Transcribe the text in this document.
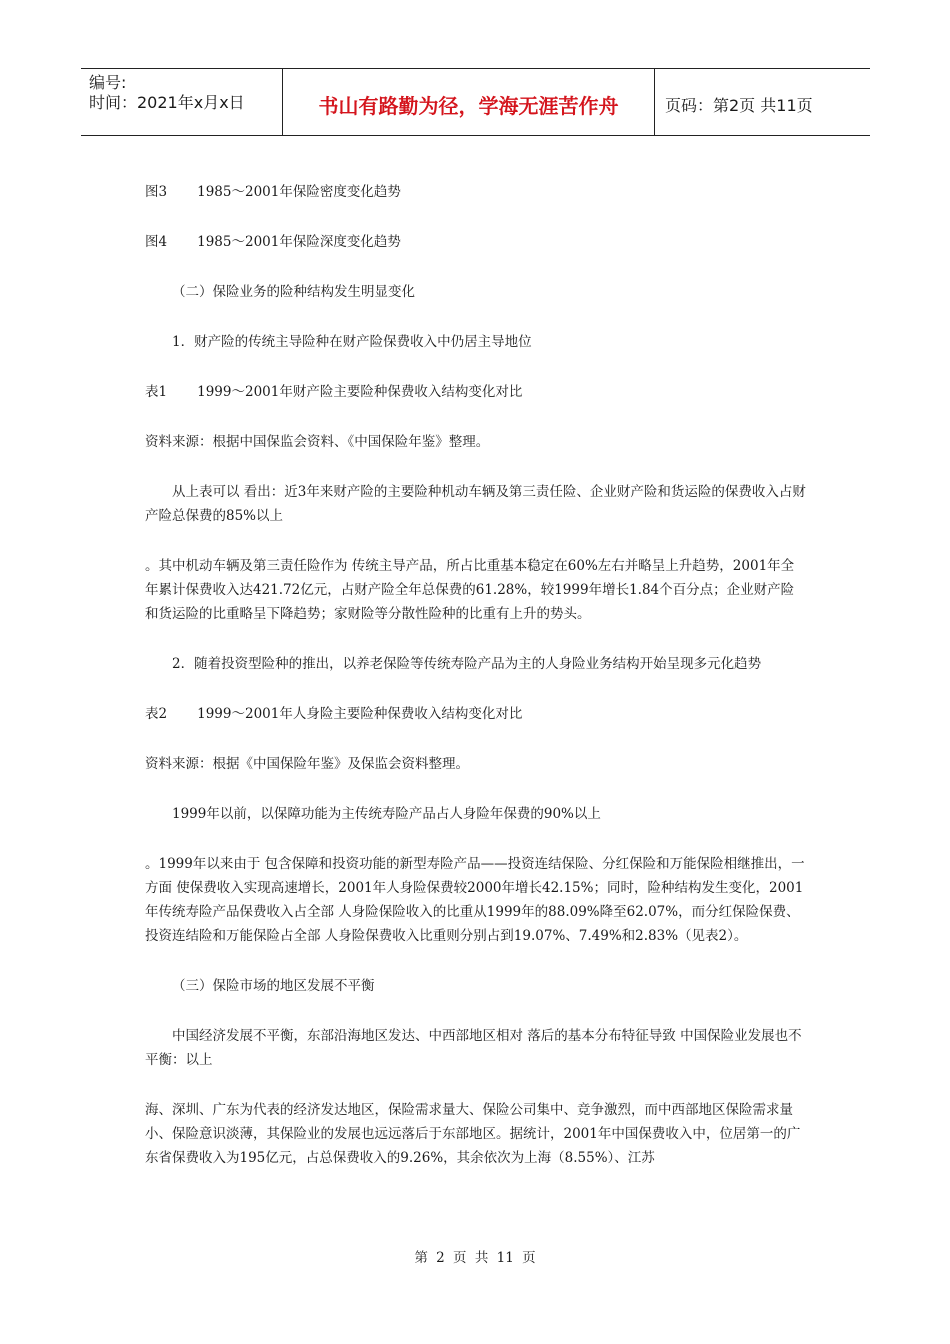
编号:
时间：2021年x月x日	书山有路勤为径，学海无涯苦作舟	页码：第2页 共11页

图3       1985～2001年保险密度变化趋势

图4       1985～2001年保险深度变化趋势

（二）保险业务的险种结构发生明显变化

1．财产险的传统主导险种在财产险保费收入中仍居主导地位

表1       1999～2001年财产险主要险种保费收入结构变化对比

资料来源：根据中国保监会资料、《中国保险年鉴》整理。

从上表可以 看出：近3年来财产险的主要险种机动车辆及第三责任险、企业财产险和货运险的保费收入占财产险总保费的85%以上

。其中机动车辆及第三责任险作为 传统主导产品，所占比重基本稳定在60%左右并略呈上升趋势，2001年全年累计保费收入达421.72亿元，占财产险全年总保费的61.28%，较1999年增长1.84个百分点；企业财产险和货运险的比重略呈下降趋势；家财险等分散性险种的比重有上升的势头。

2．随着投资型险种的推出，以养老保险等传统寿险产品为主的人身险业务结构开始呈现多元化趋势

表2       1999～2001年人身险主要险种保费收入结构变化对比

资料来源：根据《中国保险年鉴》及保监会资料整理。

1999年以前，以保障功能为主传统寿险产品占人身险年保费的90%以上

。1999年以来由于 包含保障和投资功能的新型寿险产品——投资连结保险、分红保险和万能保险相继推出，一方面 使保费收入实现高速增长，2001年人身险保费较2000年增长42.15%；同时，险种结构发生变化，2001年传统寿险产品保费收入占全部 人身险保险收入的比重从1999年的88.09%降至62.07%，而分红保险保费、投资连结险和万能保险占全部 人身险保费收入比重则分别占到19.07%、7.49%和2.83%（见表2）。

（三）保险市场的地区发展不平衡

中国经济发展不平衡，东部沿海地区发达、中西部地区相对 落后的基本分布特征导致 中国保险业发展也不平衡：以上

海、深圳、广东为代表的经济发达地区，保险需求量大、保险公司集中、竞争激烈，而中西部地区保险需求量小、保险意识淡薄，其保险业的发展也远远落后于东部地区。据统计，2001年中国保费收入中，位居第一的广东省保费收入为195亿元，占总保费收入的9.26%，其余依次为上海（8.55%）、江苏

第 2 页 共 11 页
